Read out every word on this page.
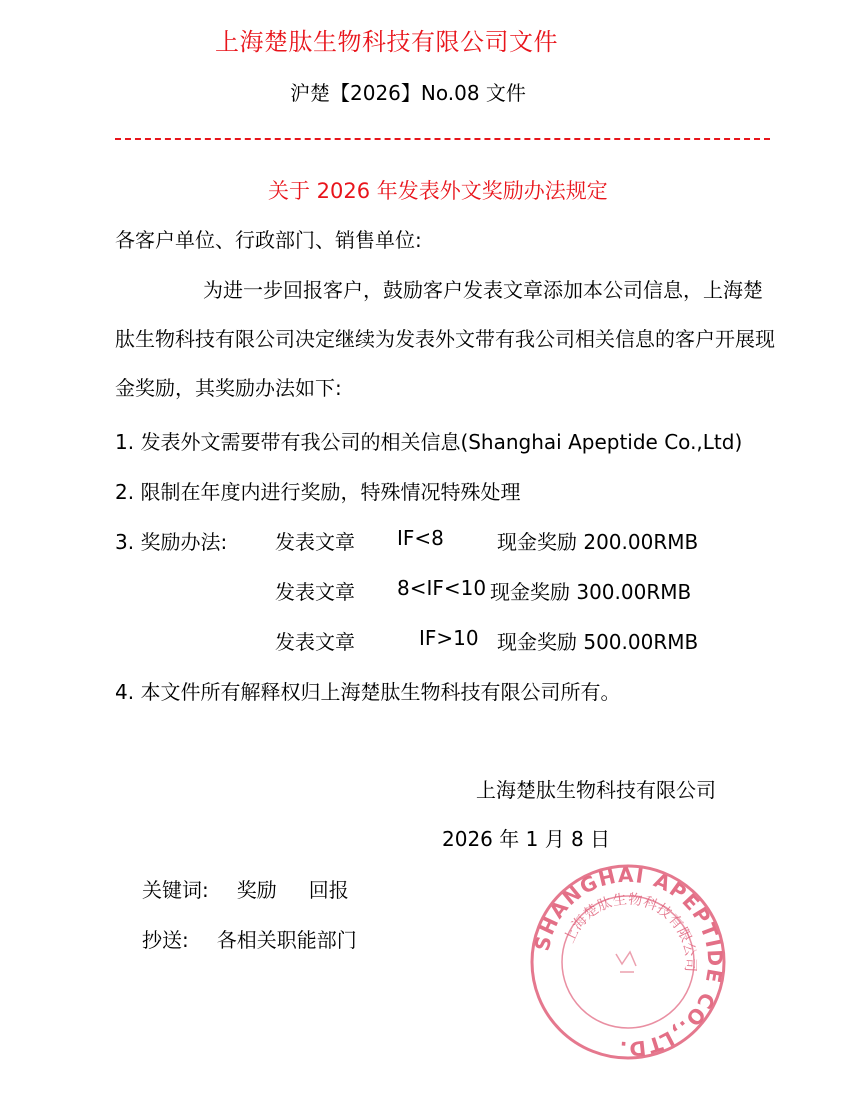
上海楚肽生物科技有限公司文件
沪楚【2026】No.08 文件
关于 2026 年发表外文奖励办法规定
各客户单位、行政部门、销售单位:
为进一步回报客户，鼓励客户发表文章添加本公司信息，上海楚肽生物科技有限公司决定继续为发表外文带有我公司相关信息的客户开展现金奖励，其奖励办法如下:
1. 发表外文需要带有我公司的相关信息(Shanghai Apeptide Co.,Ltd)
2. 限制在年度内进行奖励，特殊情况特殊处理
3. 奖励办法: 发表文章 IF<8	现金奖励 200.00RMB
发表文章 8<IF<10 现金奖励 300.00RMB
发表文章	IF>10 现金奖励 500.00RMB
4. 本文件所有解释权归上海楚肽生物科技有限公司所有。
上海楚肽生物科技有限公司
2026 年 1 月 8 日
关键词: 奖励 回报
抄送: 各相关职能部门	SHANGHAI APEPTIDE CO.,LTD.
上海楚肽生物科技有限公司
